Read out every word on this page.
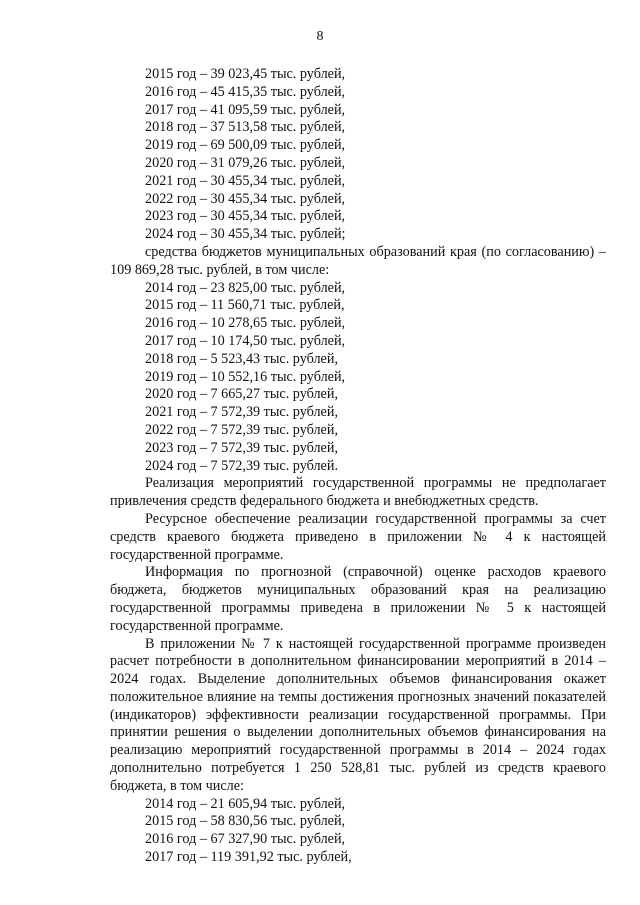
8
2015 год – 39 023,45 тыс. рублей,
2016 год – 45 415,35 тыс. рублей,
2017 год – 41 095,59 тыс. рублей,
2018 год – 37 513,58 тыс. рублей,
2019 год – 69 500,09 тыс. рублей,
2020 год – 31 079,26 тыс. рублей,
2021 год – 30 455,34 тыс. рублей,
2022 год – 30 455,34 тыс. рублей,
2023 год – 30 455,34 тыс. рублей,
2024 год – 30 455,34 тыс. рублей;
средства бюджетов муниципальных образований края (по согласованию) – 109 869,28 тыс. рублей, в том числе:
2014 год – 23 825,00 тыс. рублей,
2015 год – 11 560,71 тыс. рублей,
2016 год – 10 278,65 тыс. рублей,
2017 год – 10 174,50 тыс. рублей,
2018 год – 5 523,43 тыс. рублей,
2019 год – 10 552,16 тыс. рублей,
2020 год – 7 665,27 тыс. рублей,
2021 год – 7 572,39 тыс. рублей,
2022 год – 7 572,39 тыс. рублей,
2023 год – 7 572,39 тыс. рублей,
2024 год – 7 572,39 тыс. рублей.
Реализация мероприятий государственной программы не предполагает привлечения средств федерального бюджета и внебюджетных средств.
Ресурсное обеспечение реализации государственной программы за счет средств краевого бюджета приведено в приложении № 4 к настоящей государственной программе.
Информация по прогнозной (справочной) оценке расходов краевого бюджета, бюджетов муниципальных образований края на реализацию государственной программы приведена в приложении № 5 к настоящей государственной программе.
В приложении № 7 к настоящей государственной программе произведен расчет потребности в дополнительном финансировании мероприятий в 2014 – 2024 годах. Выделение дополнительных объемов финансирования окажет положительное влияние на темпы достижения прогнозных значений показателей (индикаторов) эффективности реализации государственной программы. При принятии решения о выделении дополнительных объемов финансирования на реализацию мероприятий государственной программы в 2014 – 2024 годах дополнительно потребуется 1 250 528,81 тыс. рублей из средств краевого бюджета, в том числе:
2014 год – 21 605,94 тыс. рублей,
2015 год – 58 830,56 тыс. рублей,
2016 год – 67 327,90 тыс. рублей,
2017 год – 119 391,92 тыс. рублей,
